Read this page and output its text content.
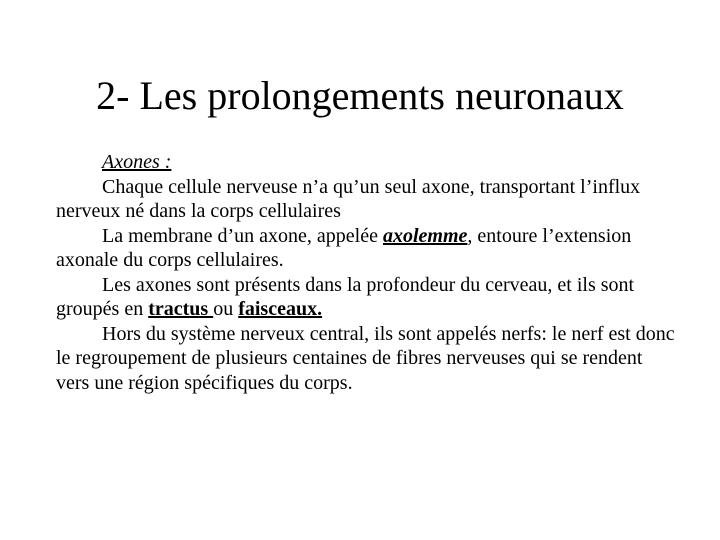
2- Les prolongements neuronaux

Axones :

Chaque cellule nerveuse n’a qu’un seul axone, transportant l’influx nerveux né dans la corps cellulaires

La membrane d’un axone, appelée axolemme, entoure l’extension axonale du corps cellulaires.

Les axones sont présents dans la profondeur du cerveau, et ils sont groupés en tractus ou faisceaux.

Hors du système nerveux central, ils sont appelés nerfs: le nerf est donc le regroupement de plusieurs centaines de fibres nerveuses qui se rendent vers une région spécifiques du corps.
